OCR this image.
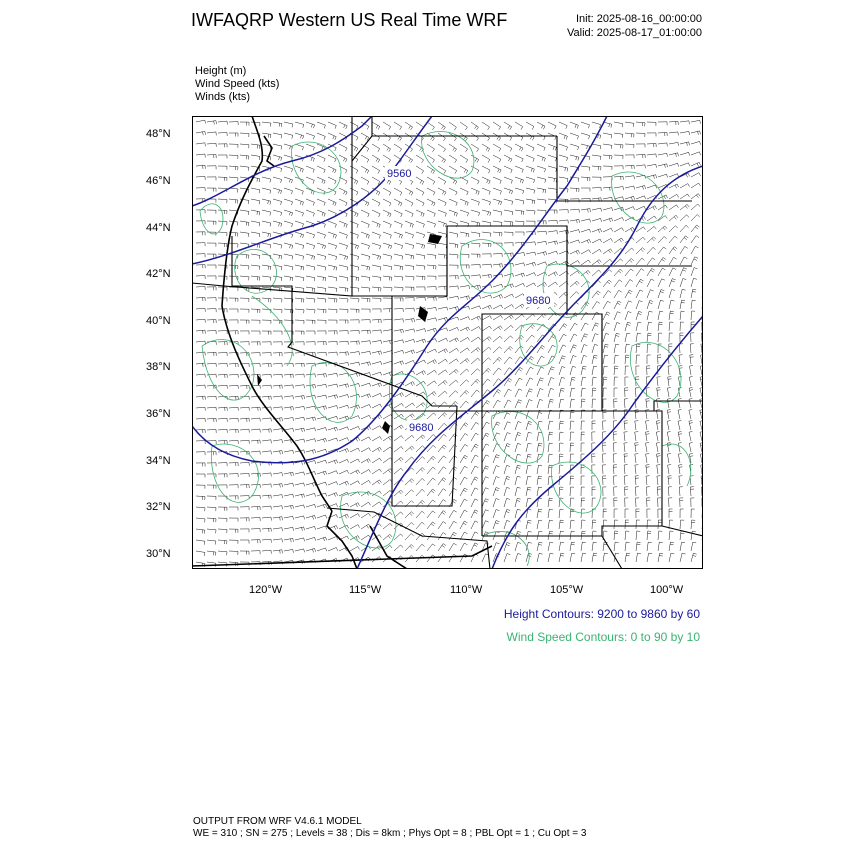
IWFAQRP Western US Real Time WRF	Init: 2025-08-16_00:00:00
Valid: 2025-08-17_01:00:00
Height (m)
Wind Speed (kts)
Winds (kts)
48°N
46°N
44°N
42°N
40°N
38°N
36°N
34°N
32°N
30°N
120°W	115°W	110°W	105°W	100°W
9560
9680
9680
Height Contours: 9200 to 9860 by 60
Wind Speed Contours: 0 to 90 by 10
OUTPUT FROM WRF V4.6.1 MODEL
WE = 310 ; SN = 275 ; Levels = 38 ; Dis = 8km ; Phys Opt = 8 ; PBL Opt = 1 ; Cu Opt = 3
